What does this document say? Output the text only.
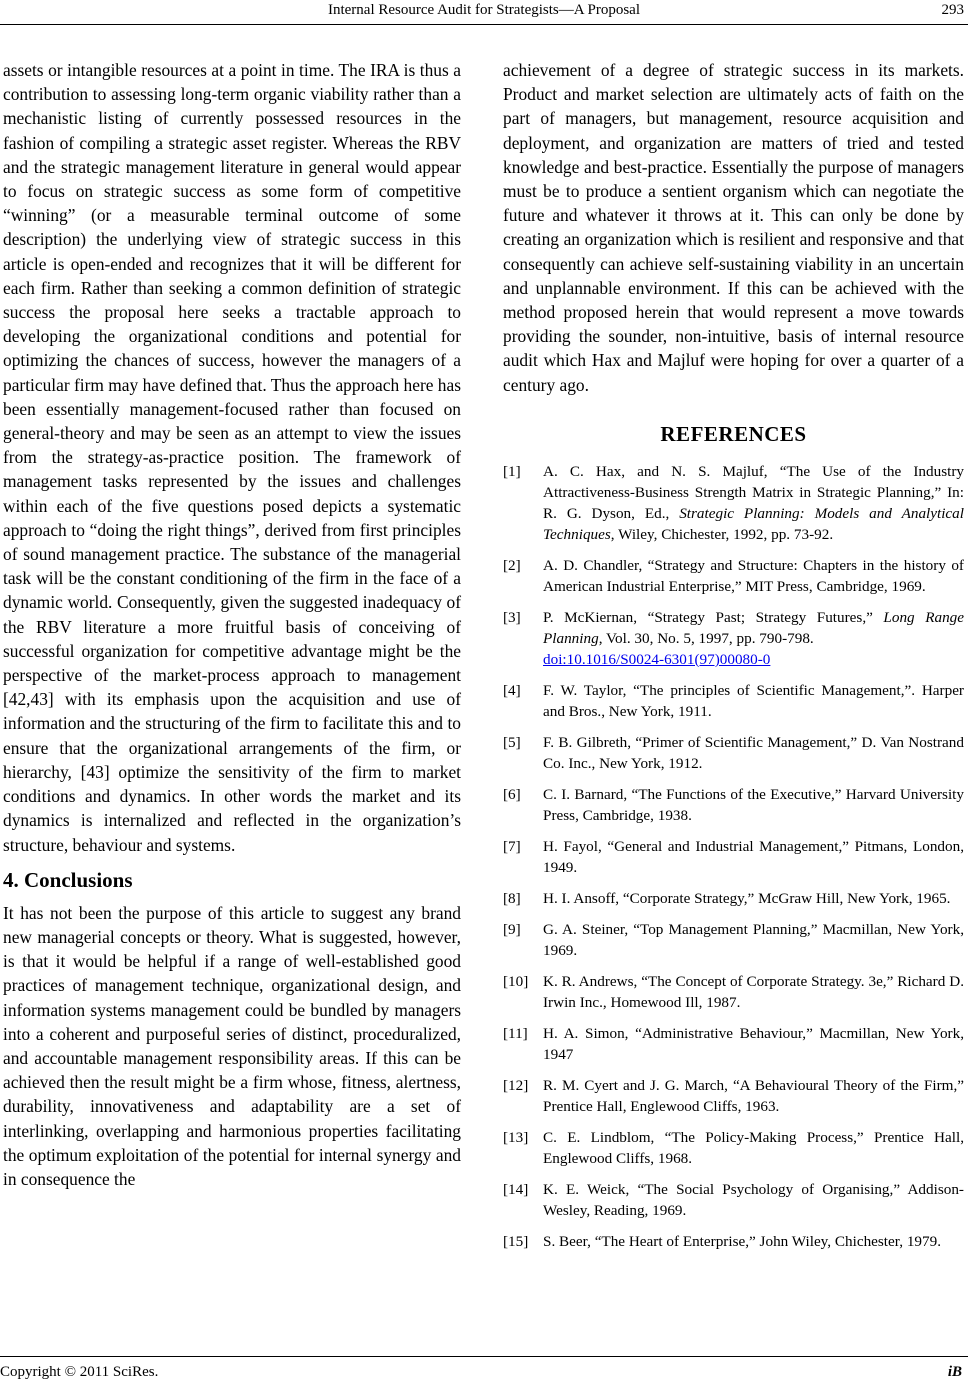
Internal Resource Audit for Strategists—A Proposal	293

assets or intangible resources at a point in time. The IRA is thus a contribution to assessing long-term organic viability rather than a mechanistic listing of currently possessed resources in the fashion of compiling a strategic asset register. Whereas the RBV and the strategic management literature in general would appear to focus on strategic success as some form of competitive “winning” (or a measurable terminal outcome of some description) the underlying view of strategic success in this article is open-ended and recognizes that it will be different for each firm. Rather than seeking a common definition of strategic success the proposal here seeks a tractable approach to developing the organizational conditions and potential for optimizing the chances of success, however the managers of a particular firm may have defined that. Thus the approach here has been essentially management-focused rather than focused on general-theory and may be seen as an attempt to view the issues from the strategy-as-practice position. The framework of management tasks represented by the issues and challenges within each of the five questions posed depicts a systematic approach to “doing the right things”, derived from first principles of sound management practice. The substance of the managerial task will be the constant conditioning of the firm in the face of a dynamic world. Consequently, given the suggested inadequacy of the RBV literature a more fruitful basis of conceiving of successful organization for competitive advantage might be the perspective of the market-process approach to management [42,43] with its emphasis upon the acquisition and use of information and the structuring of the firm to facilitate this and to ensure that the organizational arrangements of the firm, or hierarchy, [43] optimize the sensitivity of the firm to market conditions and dynamics. In other words the market and its dynamics is internalized and reflected in the organization’s structure, behaviour and systems.

4. Conclusions

It has not been the purpose of this article to suggest any brand new managerial concepts or theory. What is suggested, however, is that it would be helpful if a range of well-established good practices of management technique, organizational design, and information systems management could be bundled by managers into a coherent and purposeful series of distinct, proceduralized, and accountable management responsibility areas. If this can be achieved then the result might be a firm whose, fitness, alertness, durability, innovativeness and adaptability are a set of interlinking, overlapping and harmonious properties facilitating the optimum exploitation of the potential for internal synergy and in consequence the

achievement of a degree of strategic success in its markets. Product and market selection are ultimately acts of faith on the part of managers, but management, resource acquisition and deployment, and organization are matters of tried and tested knowledge and best-practice. Essentially the purpose of managers must be to produce a sentient organism which can negotiate the future and whatever it throws at it. This can only be done by creating an organization which is resilient and responsive and that consequently can achieve self-sustaining viability in an uncertain and unplannable environment. If this can be achieved with the method proposed herein that would represent a move towards providing the sounder, non-intuitive, basis of internal resource audit which Hax and Majluf were hoping for over a quarter of a century ago.

REFERENCES
[1]	A. C. Hax, and N. S. Majluf, “The Use of the Industry Attractiveness-Business Strength Matrix in Strategic Planning,” In: R. G. Dyson, Ed., Strategic Planning: Models and Analytical Techniques, Wiley, Chichester, 1992, pp. 73-92.
[2]	A. D. Chandler, “Strategy and Structure: Chapters in the history of American Industrial Enterprise,” MIT Press, Cambridge, 1969.
[3]	P. McKiernan, “Strategy Past; Strategy Futures,” Long Range Planning, Vol. 30, No. 5, 1997, pp. 790-798.
doi:10.1016/S0024-6301(97)00080-0
[4]	F. W. Taylor, “The principles of Scientific Management,”. Harper and Bros., New York, 1911.
[5]	F. B. Gilbreth, “Primer of Scientific Management,” D. Van Nostrand Co. Inc., New York, 1912.
[6]	C. I. Barnard, “The Functions of the Executive,” Harvard University Press, Cambridge, 1938.
[7]	H. Fayol, “General and Industrial Management,” Pitmans, London, 1949.
[8]	H. I. Ansoff, “Corporate Strategy,” McGraw Hill, New York, 1965.
[9]	G. A. Steiner, “Top Management Planning,” Macmillan, New York, 1969.
[10] K. R. Andrews, “The Concept of Corporate Strategy. 3e,” Richard D. Irwin Inc., Homewood Ill, 1987.
[11]	H. A. Simon, “Administrative Behaviour,” Macmillan, New York, 1947
[12] R. M. Cyert and J. G. March, “A Behavioural Theory of the Firm,” Prentice Hall, Englewood Cliffs, 1963.
[13] C. E. Lindblom, “The Policy-Making Process,” Prentice Hall, Englewood Cliffs, 1968.
[14] K. E. Weick, “The Social Psychology of Organising,” Addison-Wesley, Reading, 1969.
[15] S. Beer, “The Heart of Enterprise,” John Wiley, Chichester, 1979.
Copyright © 2011 SciRes.	iB
